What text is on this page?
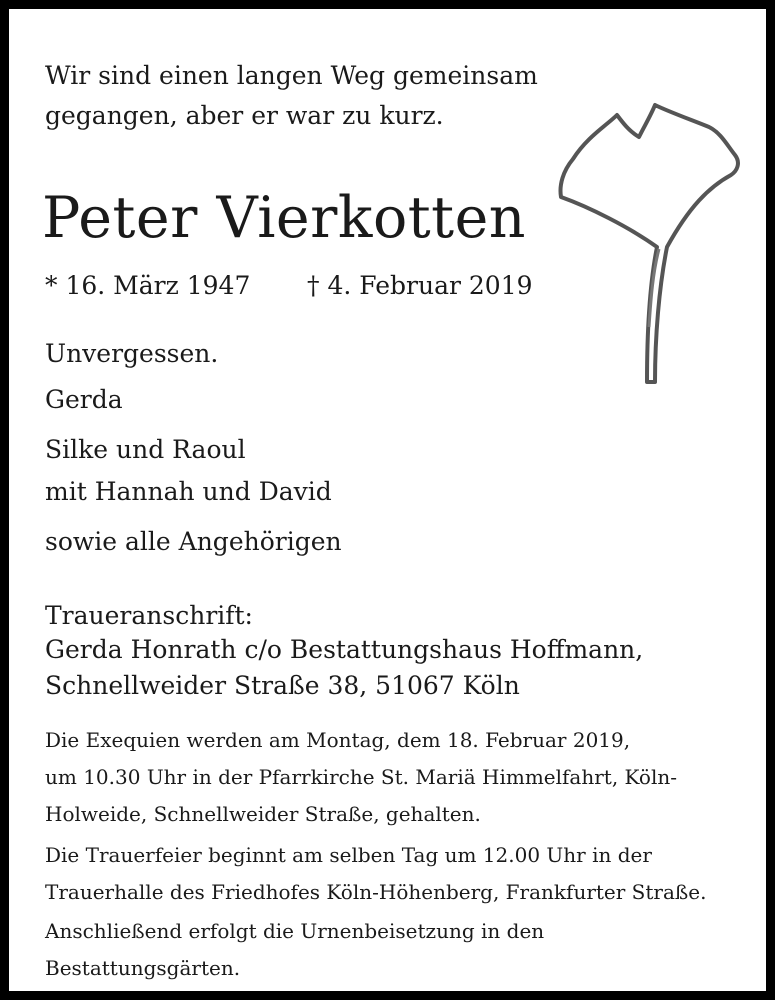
Wir sind einen langen Weg gemeinsam

gegangen, aber er war zu kurz.

Peter Vierkotten

* 16. März 1947 † 4. Februar 2019

Unvergessen.

Gerda

Silke und Raoul

mit Hannah und David

sowie alle Angehörigen

Traueranschrift:

Gerda Honrath c/o Bestattungshaus Hoffmann,

Schnellweider Straße 38, 51067 Köln

Die Exequien werden am Montag, dem 18. Februar 2019,

um 10.30 Uhr in der Pfarrkirche St. Mariä Himmelfahrt, Köln-

Holweide, Schnellweider Straße, gehalten.

Die Trauerfeier beginnt am selben Tag um 12.00 Uhr in der

Trauerhalle des Friedhofes Köln-Höhenberg, Frankfurter Straße.

Anschließend erfolgt die Urnenbeisetzung in den

Bestattungsgärten.
